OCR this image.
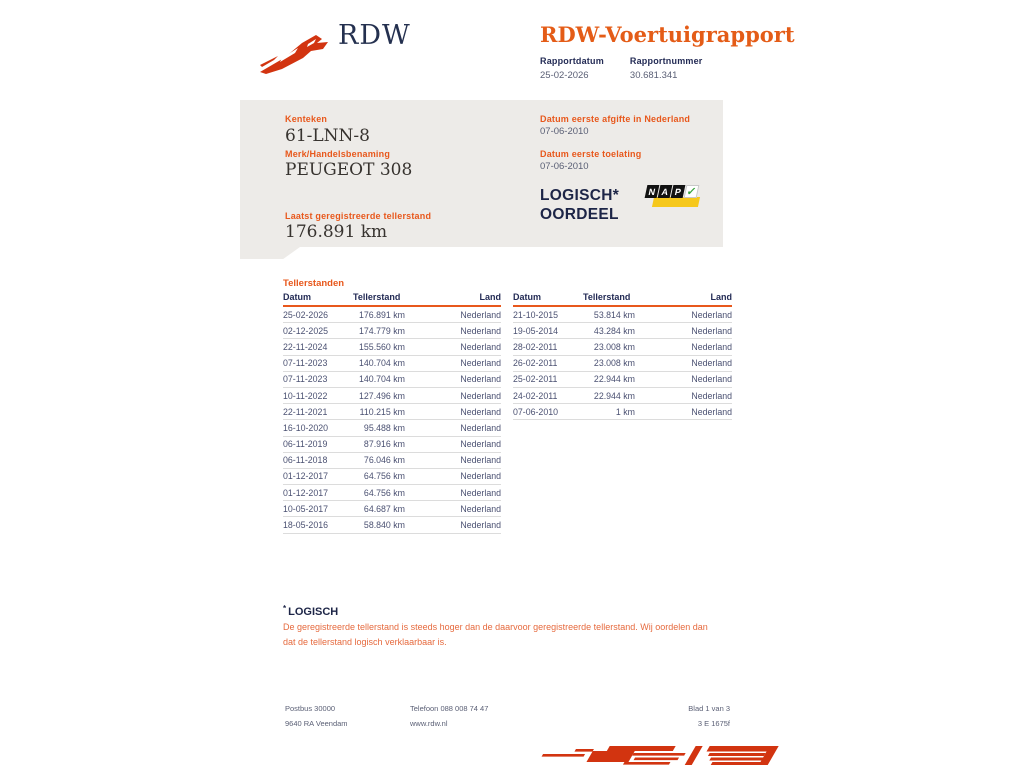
RDW	RDW-Voertuigrapport
Rapportdatum
25-02-2026
Rapportnummer
30.681.341
Kenteken
61-LNN-8
Merk/Handelsbenaming
PEUGEOT 308
Laatst geregistreerde tellerstand
176.891 km
Datum eerste afgifte in Nederland
07-06-2010
Datum eerste toelating
07-06-2010
LOGISCH*
OORDEEL
N A P ✓
Tellerstanden
Datum	Tellerstand	Land
25-02-2026	176.891 km	Nederland
02-12-2025	174.779 km	Nederland
22-11-2024	155.560 km	Nederland
07-11-2023	140.704 km	Nederland
07-11-2023	140.704 km	Nederland
10-11-2022	127.496 km	Nederland
22-11-2021	110.215 km	Nederland
16-10-2020	95.488 km	Nederland
06-11-2019	87.916 km	Nederland
06-11-2018	76.046 km	Nederland
01-12-2017	64.756 km	Nederland
01-12-2017	64.756 km	Nederland
10-05-2017	64.687 km	Nederland
18-05-2016	58.840 km	Nederland
Datum	Tellerstand	Land
21-10-2015	53.814 km	Nederland
19-05-2014	43.284 km	Nederland
28-02-2011	23.008 km	Nederland
26-02-2011	23.008 km	Nederland
25-02-2011	22.944 km	Nederland
24-02-2011	22.944 km	Nederland
07-06-2010	1 km	Nederland
* LOGISCH
De geregistreerde tellerstand is steeds hoger dan de daarvoor geregistreerde tellerstand. Wij oordelen dan dat de tellerstand logisch verklaarbaar is.
Postbus 30000
9640 RA Veendam
Telefoon 088 008 74 47
www.rdw.nl
Blad 1 van 3
3 E 1675f
